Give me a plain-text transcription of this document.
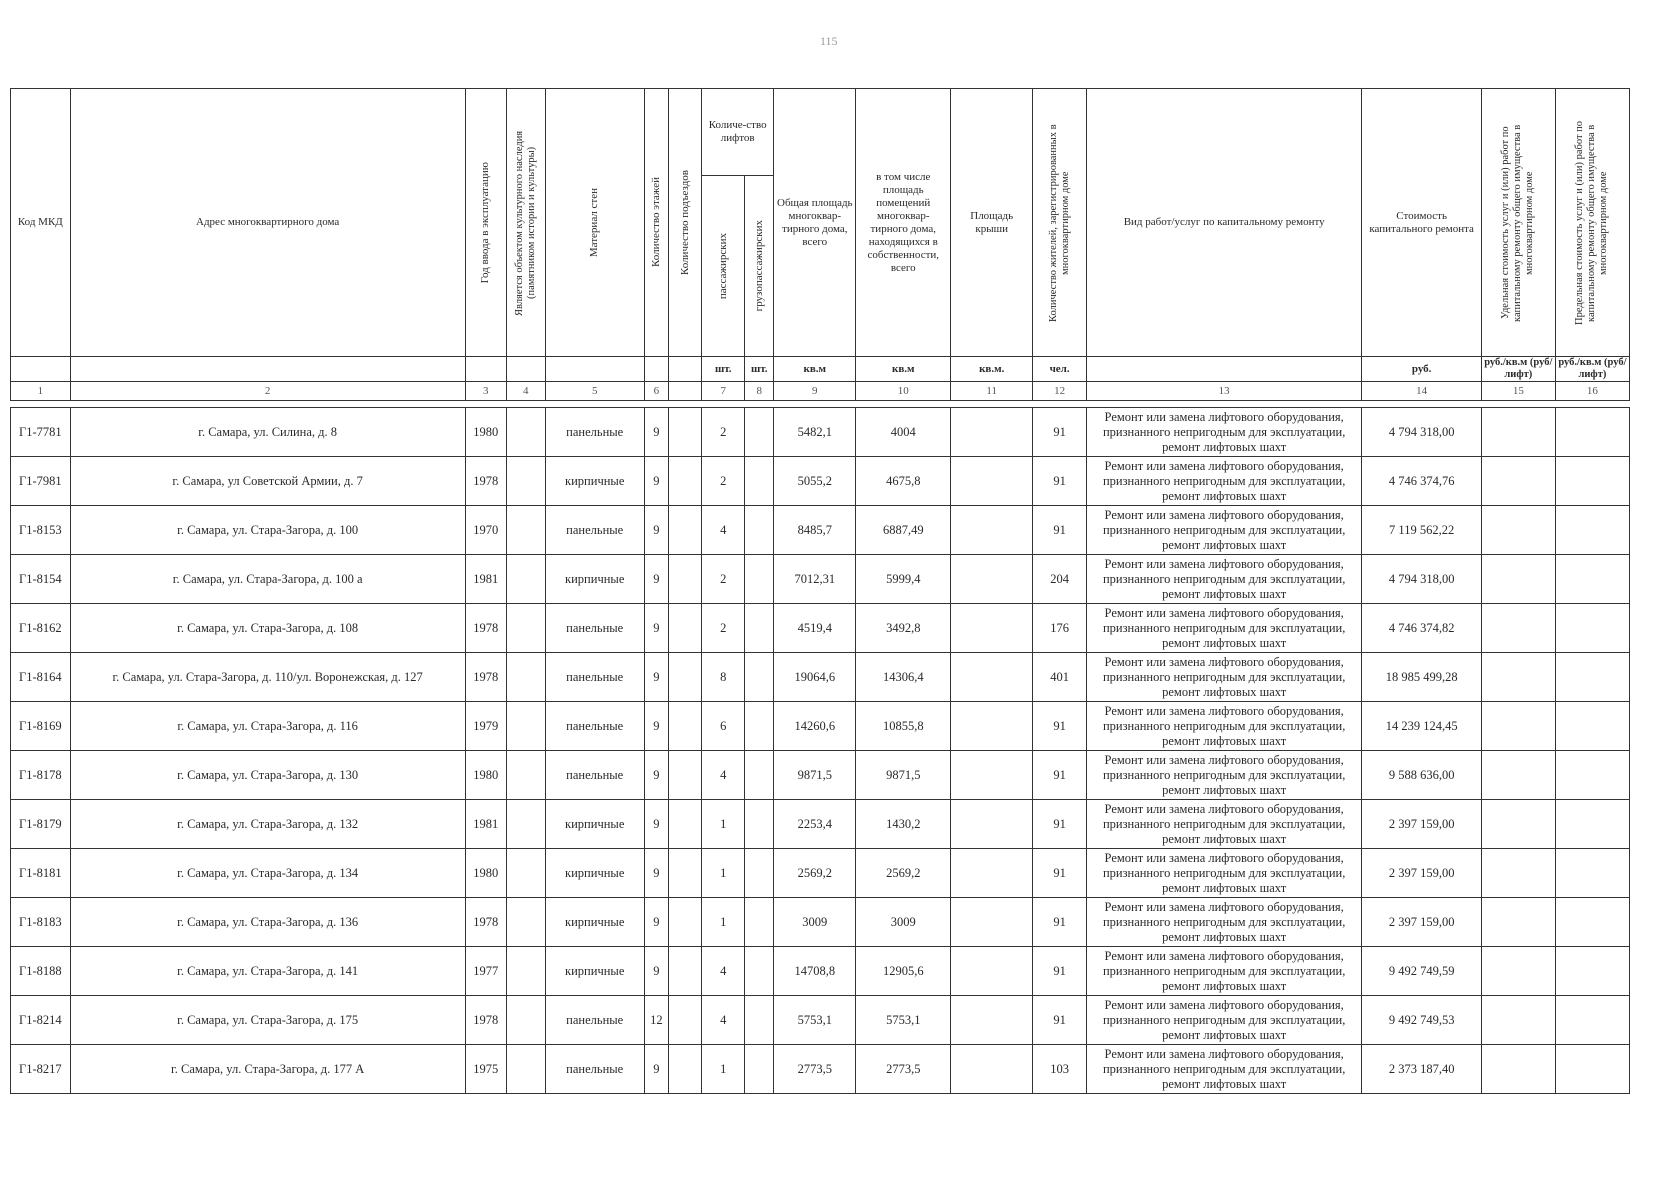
115
Код МКД	Адрес многоквартирного дома	Год ввода в эксплуатацию	Является объектом культурного наследия (памятником истории и культуры)	Материал стен	Количество этажей	Количество подъездов	Количе-ство лифтов		Общая площадь многоквар-тирного дома, всего	в том числе площадь помещений многоквар-тирного дома, находящихся в собственности, всего	Площадь крыши	Количество жителей, зарегистрированных в многоквартирном доме	Вид работ/услуг по капитальному ремонту	Стоимость капитального ремонта	Удельная стоимость услуг и (или) работ по капитальному ремонту общего имущества в многоквартирном доме	Предельная стоимость услуг и (или) работ по капитальному ремонту общего имущества в многоквартирном доме

							пассажирских	грузопассажирских								

							шт.	шт.	кв.м	кв.м	кв.м.	чел.		руб.	руб./кв.м (руб/лифт)	руб./кв.м (руб/лифт)
1	2	3	4	5	6		7	8	9	10	11	12	13	14	15	16

Г1-7781	г. Самара, ул. Силина, д. 8	1980		панельные	9		2		5482,1	4004		91	Ремонт или замена лифтового оборудования, признанного непригодным для эксплуатации, ремонт лифтовых шахт	4 794 318,00		
Г1-7981	г. Самара, ул Советской Армии, д. 7	1978		кирпичные	9		2		5055,2	4675,8		91	Ремонт или замена лифтового оборудования, признанного непригодным для эксплуатации, ремонт лифтовых шахт	4 746 374,76		
Г1-8153	г. Самара, ул. Стара-Загора, д. 100	1970		панельные	9		4		8485,7	6887,49		91	Ремонт или замена лифтового оборудования, признанного непригодным для эксплуатации, ремонт лифтовых шахт	7 119 562,22		
Г1-8154	г. Самара, ул. Стара-Загора, д. 100 а	1981		кирпичные	9		2		7012,31	5999,4		204	Ремонт или замена лифтового оборудования, признанного непригодным для эксплуатации, ремонт лифтовых шахт	4 794 318,00		
Г1-8162	г. Самара, ул. Стара-Загора, д. 108	1978		панельные	9		2		4519,4	3492,8		176	Ремонт или замена лифтового оборудования, признанного непригодным для эксплуатации, ремонт лифтовых шахт	4 746 374,82		
Г1-8164	г. Самара, ул. Стара-Загора, д. 110/ул. Воронежская, д. 127	1978		панельные	9		8		19064,6	14306,4		401	Ремонт или замена лифтового оборудования, признанного непригодным для эксплуатации, ремонт лифтовых шахт	18 985 499,28		
Г1-8169	г. Самара, ул. Стара-Загора, д. 116	1979		панельные	9		6		14260,6	10855,8		91	Ремонт или замена лифтового оборудования, признанного непригодным для эксплуатации, ремонт лифтовых шахт	14 239 124,45		
Г1-8178	г. Самара, ул. Стара-Загора, д. 130	1980		панельные	9		4		9871,5	9871,5		91	Ремонт или замена лифтового оборудования, признанного непригодным для эксплуатации, ремонт лифтовых шахт	9 588 636,00		
Г1-8179	г. Самара, ул. Стара-Загора, д. 132	1981		кирпичные	9		1		2253,4	1430,2		91	Ремонт или замена лифтового оборудования, признанного непригодным для эксплуатации, ремонт лифтовых шахт	2 397 159,00		
Г1-8181	г. Самара, ул. Стара-Загора, д. 134	1980		кирпичные	9		1		2569,2	2569,2		91	Ремонт или замена лифтового оборудования, признанного непригодным для эксплуатации, ремонт лифтовых шахт	2 397 159,00		
Г1-8183	г. Самара, ул. Стара-Загора, д. 136	1978		кирпичные	9		1		3009	3009		91	Ремонт или замена лифтового оборудования, признанного непригодным для эксплуатации, ремонт лифтовых шахт	2 397 159,00		
Г1-8188	г. Самара, ул. Стара-Загора, д. 141	1977		кирпичные	9		4		14708,8	12905,6		91	Ремонт или замена лифтового оборудования, признанного непригодным для эксплуатации, ремонт лифтовых шахт	9 492 749,59		
Г1-8214	г. Самара, ул. Стара-Загора, д. 175	1978		панельные	12		4		5753,1	5753,1		91	Ремонт или замена лифтового оборудования, признанного непригодным для эксплуатации, ремонт лифтовых шахт	9 492 749,53		
Г1-8217	г. Самара, ул. Стара-Загора, д. 177 А	1975		панельные	9		1		2773,5	2773,5		103	Ремонт или замена лифтового оборудования, признанного непригодным для эксплуатации, ремонт лифтовых шахт	2 373 187,40		
